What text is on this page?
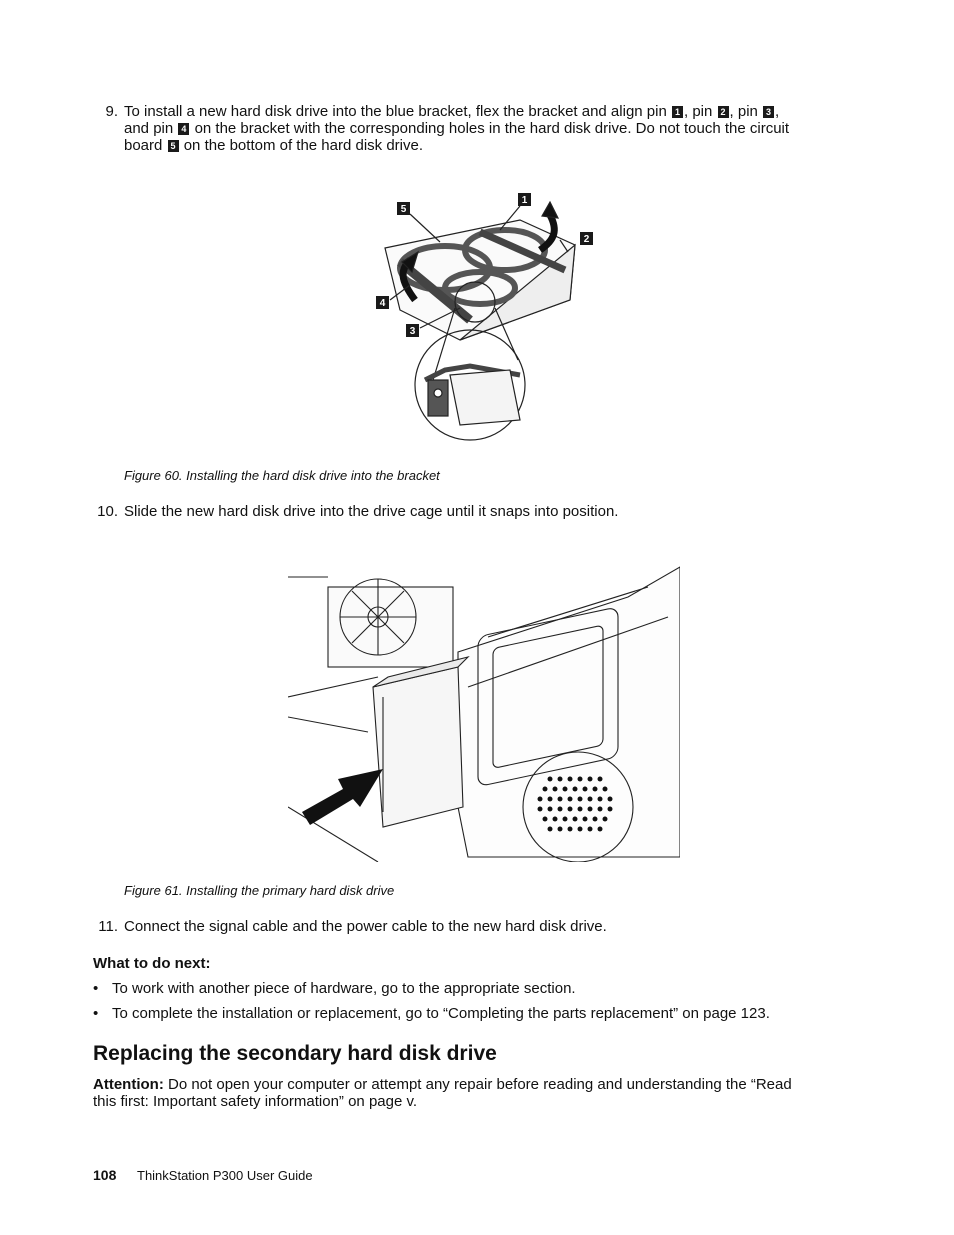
9. To install a new hard disk drive into the blue bracket, flex the bracket and align pin 1 , pin 2 , pin 3 ,
and pin 4 on the bracket with the corresponding holes in the hard disk drive. Do not touch the circuit
board 5 on the bottom of the hard disk drive.
1
2
3
4
5
Figure 60. Installing the hard disk drive into the bracket
10. Slide the new hard disk drive into the drive cage until it snaps into position.
Figure 61. Installing the primary hard disk drive
11. Connect the signal cable and the power cable to the new hard disk drive.
What to do next:
• To work with another piece of hardware, go to the appropriate section.
• To complete the installation or replacement, go to “Completing the parts replacement” on page 123.
Replacing the secondary hard disk drive
Attention: Do not open your computer or attempt any repair before reading and understanding the “Read
this first: Important safety information” on page v.
108 ThinkStation P300 User Guide
